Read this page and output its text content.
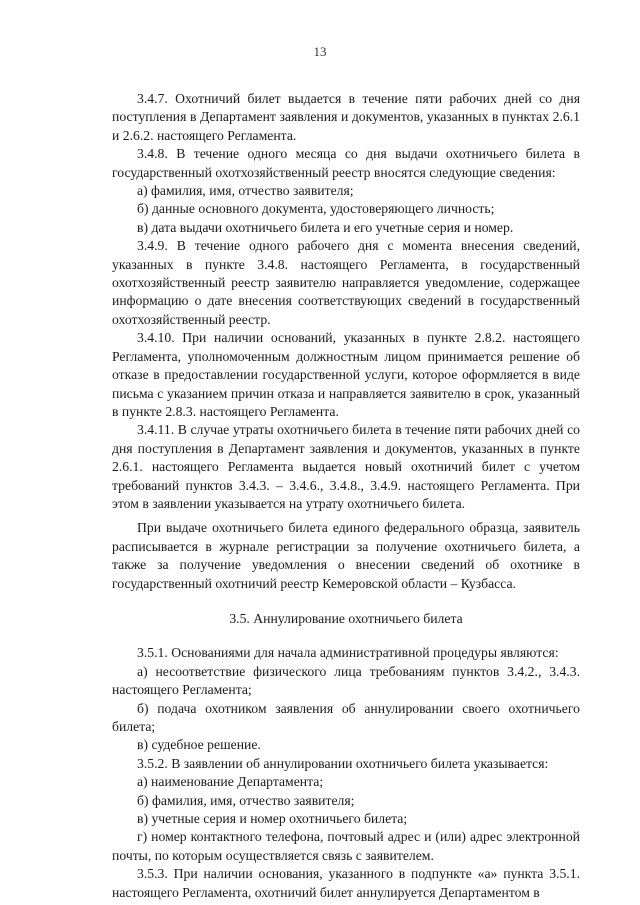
13

3.4.7. Охотничий билет выдается в течение пяти рабочих дней со дня поступления в Департамент заявления и документов, указанных в пунктах 2.6.1 и 2.6.2. настоящего Регламента.

3.4.8. В течение одного месяца со дня выдачи охотничьего билета в государственный охотхозяйственный реестр вносятся следующие сведения:

а) фамилия, имя, отчество заявителя;

б) данные основного документа, удостоверяющего личность;

в) дата выдачи охотничьего билета и его учетные серия и номер.

3.4.9. В течение одного рабочего дня с момента внесения сведений, указанных в пункте 3.4.8. настоящего Регламента, в государственный охотхозяйственный реестр заявителю направляется уведомление, содержащее информацию о дате внесения соответствующих сведений в государственный охотхозяйственный реестр.

3.4.10. При наличии оснований, указанных в пункте 2.8.2. настоящего Регламента, уполномоченным должностным лицом принимается решение об отказе в предоставлении государственной услуги, которое оформляется в виде письма с указанием причин отказа и направляется заявителю в срок, указанный в пункте 2.8.3. настоящего Регламента.

3.4.11. В случае утраты охотничьего билета в течение пяти рабочих дней со дня поступления в Департамент заявления и документов, указанных в пункте 2.6.1. настоящего Регламента выдается новый охотничий билет с учетом требований пунктов 3.4.3. – 3.4.6., 3.4.8., 3.4.9. настоящего Регламента. При этом в заявлении указывается на утрату охотничьего билета.

При выдаче охотничьего билета единого федерального образца, заявитель расписывается в журнале регистрации за получение охотничьего билета, а также за получение уведомления о внесении сведений об охотнике в государственный охотничий реестр Кемеровской области – Кузбасса.

3.5. Аннулирование охотничьего билета

3.5.1. Основаниями для начала административной процедуры являются:

а) несоответствие физического лица требованиям пунктов 3.4.2., 3.4.3. настоящего Регламента;

б) подача охотником заявления об аннулировании своего охотничьего билета;

в) судебное решение.

3.5.2. В заявлении об аннулировании охотничьего билета указывается:

а) наименование Департамента;

б) фамилия, имя, отчество заявителя;

в) учетные серия и номер охотничьего билета;

г) номер контактного телефона, почтовый адрес и (или) адрес электронной почты, по которым осуществляется связь с заявителем.

3.5.3. При наличии основания, указанного в подпункте «а» пункта 3.5.1. настоящего Регламента, охотничий билет аннулируется Департаментом в
